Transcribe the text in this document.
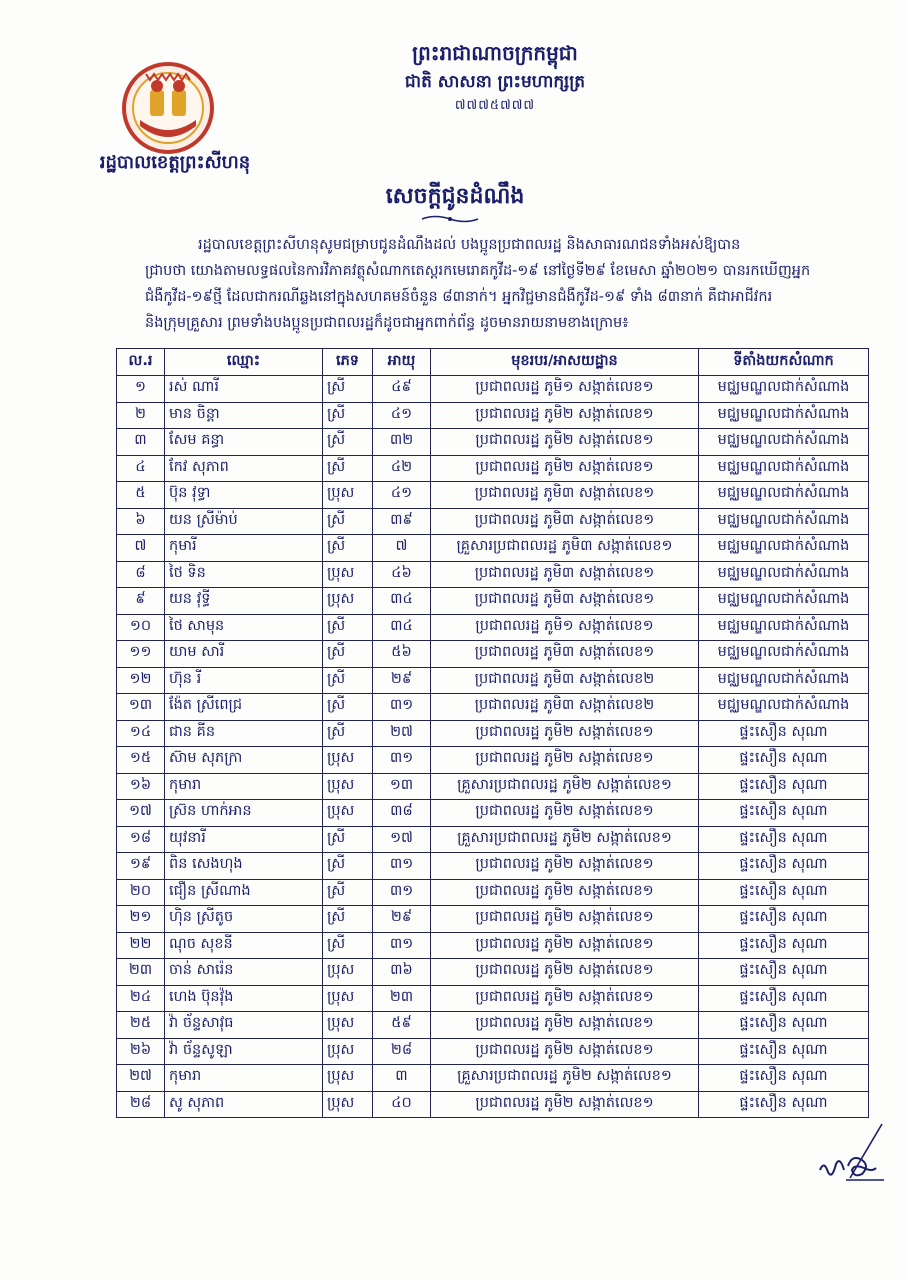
រដ្ឋបាលខេត្តព្រះសីហនុ
ព្រះរាជាណាចក្រកម្ពុជា
ជាតិ សាសនា ព្រះមហាក្សត្រ
៧៧៧៥៧៧៧
សេចក្តីជូនដំណឹង

រដ្ឋបាលខេត្តព្រះសីហនុសូមជម្រាបជូនដំណឹងដល់ បងប្អូនប្រជាពលរដ្ឋ និងសាធារណជនទាំងអស់ឱ្យបាន

ជ្រាបថា យោងតាមលទ្ធផលនៃការវិភាគវត្ថុសំណាកតេស្តរកមេរោគកូវីដ-១៩ នៅថ្ងៃទី២៩ ខែមេសា ឆ្នាំ២០២១ បានរកឃើញអ្នក

ជំងឺកូវីដ-១៩ថ្មី ដែលជាករណីឆ្លងនៅក្នុងសហគមន៍ចំនួន ៨៣នាក់។ អ្នកវិជ្ជមានជំងឺកូវីដ-១៩ ទាំង ៨៣នាក់ គឺជាអាជីវករ

និងក្រុមគ្រួសារ ព្រមទាំងបងប្អូនប្រជាពលរដ្ឋក៏ដូចជាអ្នកពាក់ព័ន្ធ ដូចមានរាយនាមខាងក្រោម៖

ល.រ	ឈ្មោះ	ភេទ	អាយុ	មុខរបរ/អាសយដ្ឋាន	ទីតាំងយកសំណាក
១	រស់ ណារី	ស្រី	៤៩	ប្រជាពលរដ្ឋ ភូមិ១ សង្កាត់លេខ១	មជ្ឈមណ្ឌលជាក់សំណាង
២	មាន ចិន្តា	ស្រី	៤១	ប្រជាពលរដ្ឋ ភូមិ២ សង្កាត់លេខ១	មជ្ឈមណ្ឌលជាក់សំណាង
៣	សែម គន្ធា	ស្រី	៣២	ប្រជាពលរដ្ឋ ភូមិ២ សង្កាត់លេខ១	មជ្ឈមណ្ឌលជាក់សំណាង
៤	កែវ សុភាព	ស្រី	៤២	ប្រជាពលរដ្ឋ ភូមិ២ សង្កាត់លេខ១	មជ្ឈមណ្ឌលជាក់សំណាង
៥	ប៊ុន វុទ្ធា	ប្រុស	៤១	ប្រជាពលរដ្ឋ ភូមិ៣ សង្កាត់លេខ១	មជ្ឈមណ្ឌលជាក់សំណាង
៦	យន ស្រីម៉ាប់	ស្រី	៣៩	ប្រជាពលរដ្ឋ ភូមិ៣ សង្កាត់លេខ១	មជ្ឈមណ្ឌលជាក់សំណាង
៧	កុមារី	ស្រី	៧	គ្រួសារប្រជាពលរដ្ឋ ភូមិ៣ សង្កាត់លេខ១	មជ្ឈមណ្ឌលជាក់សំណាង
៨	ថៃ ទិន	ប្រុស	៤៦	ប្រជាពលរដ្ឋ ភូមិ៣ សង្កាត់លេខ១	មជ្ឈមណ្ឌលជាក់សំណាង
៩	យន វុទ្ធី	ប្រុស	៣៤	ប្រជាពលរដ្ឋ ភូមិ៣ សង្កាត់លេខ១	មជ្ឈមណ្ឌលជាក់សំណាង
១០	ថៃ សាមុន	ស្រី	៣៤	ប្រជាពលរដ្ឋ ភូមិ១ សង្កាត់លេខ១	មជ្ឈមណ្ឌលជាក់សំណាង
១១	យាម សារី	ស្រី	៥៦	ប្រជាពលរដ្ឋ ភូមិ៣ សង្កាត់លេខ១	មជ្ឈមណ្ឌលជាក់សំណាង
១២	ហ៊ុន រី	ស្រី	២៩	ប្រជាពលរដ្ឋ ភូមិ៣ សង្កាត់លេខ២	មជ្ឈមណ្ឌលជាក់សំណាង
១៣	ង៉ែត ស្រីពេជ្រ	ស្រី	៣១	ប្រជាពលរដ្ឋ ភូមិ៣ សង្កាត់លេខ២	មជ្ឈមណ្ឌលជាក់សំណាង
១៤	ជាន គីន	ស្រី	២៧	ប្រជាពលរដ្ឋ ភូមិ២ សង្កាត់លេខ១	ផ្ទះសឿន សុណា
១៥	ស៊ាម សុភក្រា	ប្រុស	៣១	ប្រជាពលរដ្ឋ ភូមិ២ សង្កាត់លេខ១	ផ្ទះសឿន សុណា
១៦	កុមារា	ប្រុស	១៣	គ្រួសារប្រជាពលរដ្ឋ ភូមិ២ សង្កាត់លេខ១	ផ្ទះសឿន សុណា
១៧	ស្រ៊ន ហាក់អាន	ប្រុស	៣៨	ប្រជាពលរដ្ឋ ភូមិ២ សង្កាត់លេខ១	ផ្ទះសឿន សុណា
១៨	យុវនារី	ស្រី	១៧	គ្រួសារប្រជាពលរដ្ឋ ភូមិ២ សង្កាត់លេខ១	ផ្ទះសឿន សុណា
១៩	ពិន សេងហុង	ស្រី	៣១	ប្រជាពលរដ្ឋ ភូមិ២ សង្កាត់លេខ១	ផ្ទះសឿន សុណា
២០	ជឿន ស្រីណាង	ស្រី	៣១	ប្រជាពលរដ្ឋ ភូមិ២ សង្កាត់លេខ១	ផ្ទះសឿន សុណា
២១	ហ៊ិន ស្រីតូច	ស្រី	២៩	ប្រជាពលរដ្ឋ ភូមិ២ សង្កាត់លេខ១	ផ្ទះសឿន សុណា
២២	ណុច សុខនី	ស្រី	៣១	ប្រជាពលរដ្ឋ ភូមិ២ សង្កាត់លេខ១	ផ្ទះសឿន សុណា
២៣	ចាន់ សារ៉េន	ប្រុស	៣៦	ប្រជាពលរដ្ឋ ភូមិ២ សង្កាត់លេខ១	ផ្ទះសឿន សុណា
២៤	ហេង ប៊ុនវ៉ុង	ប្រុស	២៣	ប្រជាពលរដ្ឋ ភូមិ២ សង្កាត់លេខ១	ផ្ទះសឿន សុណា
២៥	វ៉ា ច័ន្ទសាវុធ	ប្រុស	៥៩	ប្រជាពលរដ្ឋ ភូមិ២ សង្កាត់លេខ១	ផ្ទះសឿន សុណា
២៦	វ៉ា ច័ន្ទសូឡា	ប្រុស	២៨	ប្រជាពលរដ្ឋ ភូមិ២ សង្កាត់លេខ១	ផ្ទះសឿន សុណា
២៧	កុមារា	ប្រុស	៣	គ្រួសារប្រជាពលរដ្ឋ ភូមិ២ សង្កាត់លេខ១	ផ្ទះសឿន សុណា
២៨	សូ សុភាព	ប្រុស	៤០	ប្រជាពលរដ្ឋ ភូមិ២ សង្កាត់លេខ១	ផ្ទះសឿន សុណា
